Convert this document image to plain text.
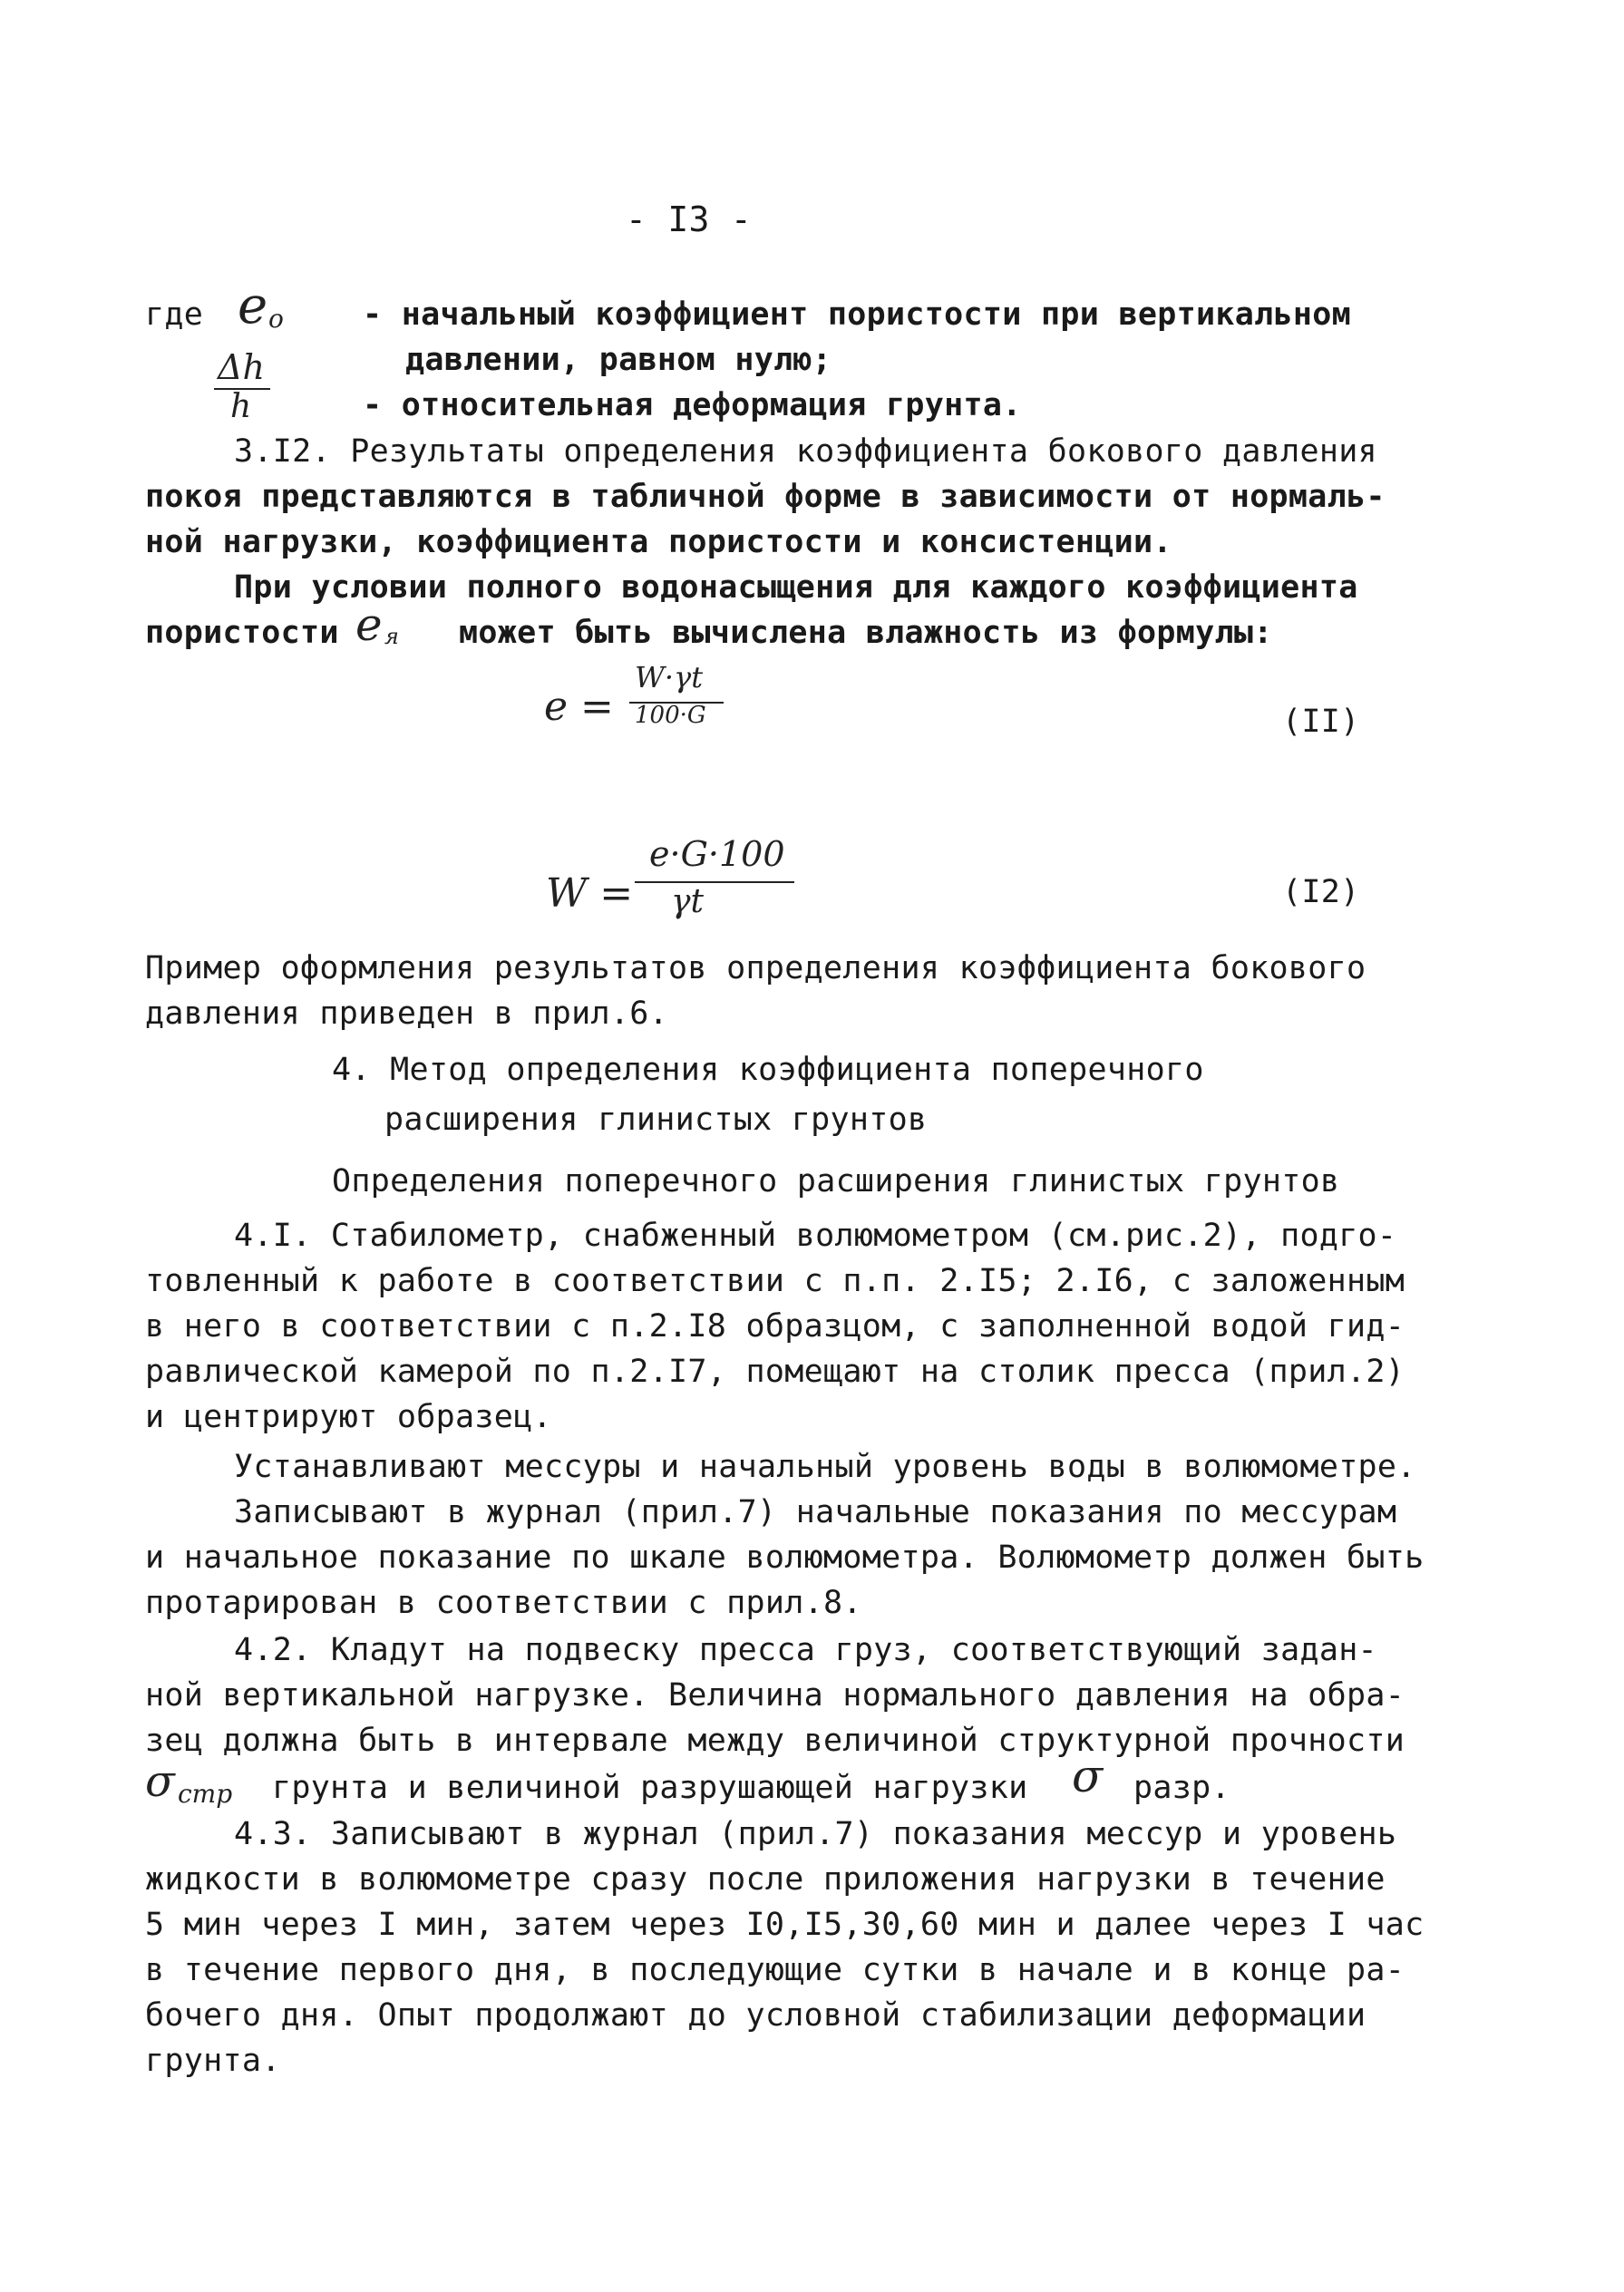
- I3 -
где e o - начальный коэффициент пористости при вертикальном
давлении, равном нулю;
Δh
h	- относительная деформация грунта.
3.I2. Результаты определения коэффициента бокового давления
покоя представляются в табличной форме в зависимости от нормаль-
ной нагрузки, коэффициента пористости и консистенции.
При условии полного водонасыщения для каждого коэффициента
пористости e я может быть вычислена влажность из формулы:
e =
W·γt
100·G	(II)
W =
e·G·100
γt	(I2)
Пример оформления результатов определения коэффициента бокового
давления приведен в прил.6.
4. Метод определения коэффициента поперечного
расширения глинистых грунтов
Определения поперечного расширения глинистых грунтов
4.I. Стабилометр, снабженный волюмометром (см.рис.2), подго-
товленный к работе в соответствии с п.п. 2.I5; 2.I6, с заложенным
в него в соответствии с п.2.I8 образцом, с заполненной водой гид-
равлической камерой по п.2.I7, помещают на столик пресса (прил.2)
и центрируют образец.
Устанавливают мессуры и начальный уровень воды в волюмометре.
Записывают в журнал (прил.7) начальные показания по мессурам
и начальное показание по шкале волюмометра. Волюмометр должен быть
протарирован в соответствии с прил.8.
4.2. Кладут на подвеску пресса груз, соответствующий задан-
ной вертикальной нагрузке. Величина нормального давления на обра-
зец должна быть в интервале между величиной структурной прочности
σ стр грунта и величиной разрушающей нагрузки σ разр.
4.3. Записывают в журнал (прил.7) показания мессур и уровень
жидкости в волюмометре сразу после приложения нагрузки в течение
5 мин через I мин, затем через I0,I5,30,60 мин и далее через I час
в течение первого дня, в последующие сутки в начале и в конце ра-
бочего дня. Опыт продолжают до условной стабилизации деформации
грунта.
